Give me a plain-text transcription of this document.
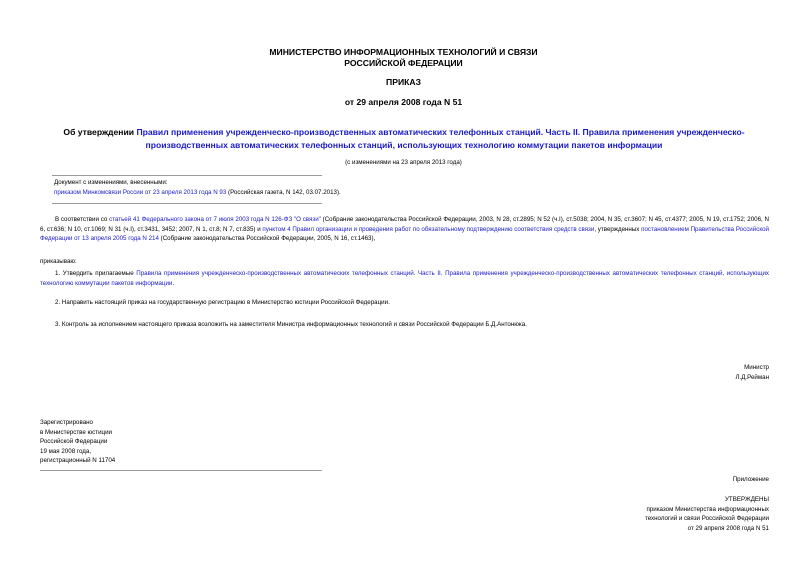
МИНИСТЕРСТВО ИНФОРМАЦИОННЫХ ТЕХНОЛОГИЙ И СВЯЗИ
РОССИЙСКОЙ ФЕДЕРАЦИИ
ПРИКАЗ
от 29 апреля 2008 года N 51
Об утверждении Правил применения учрежденческо-производственных автоматических телефонных станций. Часть II. Правила применения учрежденческо-производственных автоматических телефонных станций, использующих технологию коммутации пакетов информации
(с изменениями на 23 апреля 2013 года)
Документ с изменениями, внесенными:
приказом Минкомсвязи России от 23 апреля 2013 года N 93 (Российская газета, N 142, 03.07.2013).

В соответствии со статьей 41 Федерального закона от 7 июля 2003 года N 126-ФЗ "О связи" (Собрание законодательства Российской Федерации, 2003, N 28, ст.2895; N 52 (ч.I), ст.5038; 2004, N 35, ст.3607; N 45, ст.4377; 2005, N 19, ст.1752; 2006, N 6, ст.636; N 10, ст.1069; N 31 (ч.I), ст.3431, 3452; 2007, N 1, ст.8; N 7, ст.835) и пунктом 4 Правил организации и проведения работ по обязательному подтверждению соответствия средств связи, утвержденных постановлением Правительства Российской Федерации от 13 апреля 2005 года N 214 (Собрание законодательства Российской Федерации, 2005, N 16, ст.1463),

приказываю:

1. Утвердить прилагаемые Правила применения учрежденческо-производственных автоматических телефонных станций. Часть II. Правила применения учрежденческо-производственных автоматических телефонных станций, использующих технологию коммутации пакетов информации.

2. Направить настоящий приказ на государственную регистрацию в Министерство юстиции Российской Федерации.

3. Контроль за исполнением настоящего приказа возложить на заместителя Министра информационных технологий и связи Российской Федерации Б.Д.Антонюка.

Министр
Л.Д.Рейман
Зарегистрировано
в Министерстве юстиции
Российской Федерации
19 мая 2008 года,
регистрационный N 11704
Приложение
УТВЕРЖДЕНЫ
приказом Министерства информационных
технологий и связи Российской Федерации
от 29 апреля 2008 года N 51
